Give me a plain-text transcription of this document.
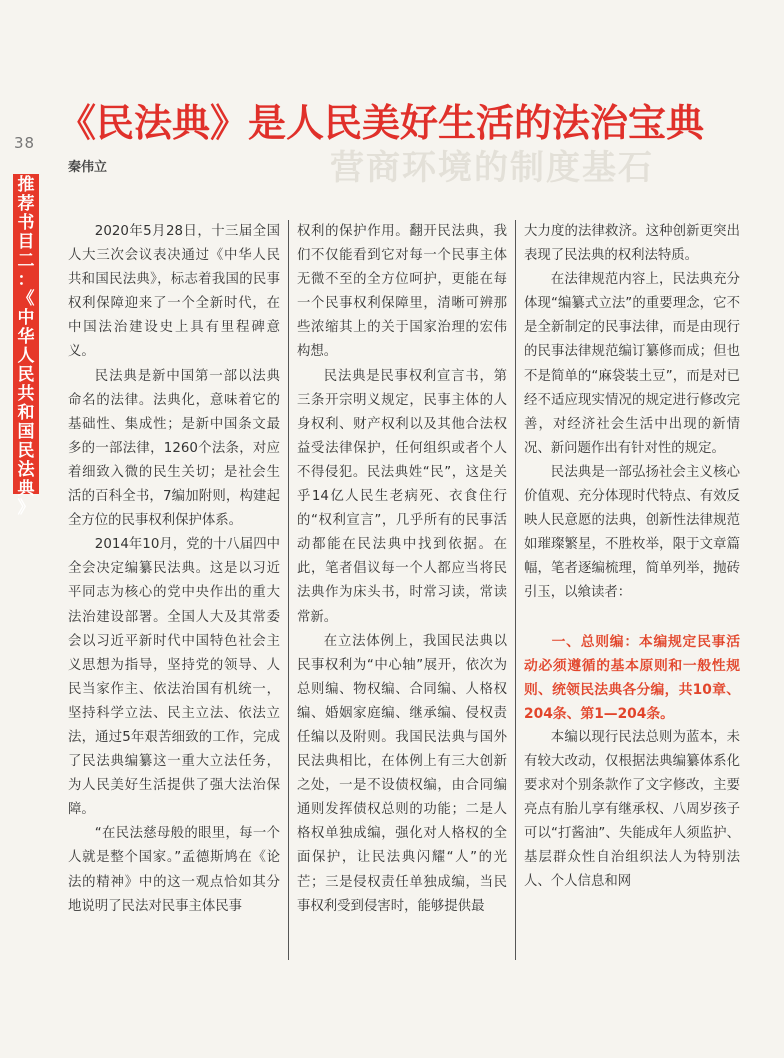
38
营商环境的制度基石
《民法典》是人民美好生活的法治宝典
秦伟立
推
荐
书
目
二
：
《
中
华
人
民
共
和
国
民
法
典
》

2020年5月28日，十三届全国人大三次会议表决通过《中华人民共和国民法典》，标志着我国的民事权利保障迎来了一个全新时代，在中国法治建设史上具有里程碑意义。

民法典是新中国第一部以法典命名的法律。法典化，意味着它的基础性、集成性；是新中国条文最多的一部法律，1260个法条，对应着细致入微的民生关切；是社会生活的百科全书，7编加附则，构建起全方位的民事权利保护体系。

2014年10月，党的十八届四中全会决定编纂民法典。这是以习近平同志为核心的党中央作出的重大法治建设部署。全国人大及其常委会以习近平新时代中国特色社会主义思想为指导，坚持党的领导、人民当家作主、依法治国有机统一，坚持科学立法、民主立法、依法立法，通过5年艰苦细致的工作，完成了民法典编纂这一重大立法任务，为人民美好生活提供了强大法治保障。

“在民法慈母般的眼里，每一个人就是整个国家。”孟德斯鸠在《论法的精神》中的这一观点恰如其分地说明了民法对民事主体民事

权利的保护作用。翻开民法典，我们不仅能看到它对每一个民事主体无微不至的全方位呵护，更能在每一个民事权利保障里，清晰可辨那些浓缩其上的关于国家治理的宏伟构想。

民法典是民事权利宣言书，第三条开宗明义规定，民事主体的人身权利、财产权利以及其他合法权益受法律保护，任何组织或者个人不得侵犯。民法典姓“民”，这是关乎14亿人民生老病死、衣食住行的“权利宣言”，几乎所有的民事活动都能在民法典中找到依据。在此，笔者倡议每一个人都应当将民法典作为床头书，时常习读，常读常新。

在立法体例上，我国民法典以民事权利为“中心轴”展开，依次为总则编、物权编、合同编、人格权编、婚姻家庭编、继承编、侵权责任编以及附则。我国民法典与国外民法典相比，在体例上有三大创新之处，一是不设债权编，由合同编通则发挥债权总则的功能；二是人格权单独成编，强化对人格权的全面保护，让民法典闪耀“人”的光芒；三是侵权责任单独成编，当民事权利受到侵害时，能够提供最

大力度的法律救济。这种创新更突出表现了民法典的权利法特质。

在法律规范内容上，民法典充分体现“编纂式立法”的重要理念，它不是全新制定的民事法律，而是由现行的民事法律规范编订纂修而成；但也不是简单的“麻袋装土豆”，而是对已经不适应现实情况的规定进行修改完善，对经济社会生活中出现的新情况、新问题作出有针对性的规定。

民法典是一部弘扬社会主义核心价值观、充分体现时代特点、有效反映人民意愿的法典，创新性法律规范如璀璨繁星，不胜枚举，限于文章篇幅，笔者逐编梳理，简单列举，抛砖引玉，以飨读者：

一、总则编：本编规定民事活动必须遵循的基本原则和一般性规则、统领民法典各分编，共10章、204条、第1—204条。

本编以现行民法总则为蓝本，未有较大改动，仅根据法典编纂体系化要求对个别条款作了文字修改，主要亮点有胎儿享有继承权、八周岁孩子可以“打酱油”、失能成年人须监护、基层群众性自治组织法人为特别法人、个人信息和网
